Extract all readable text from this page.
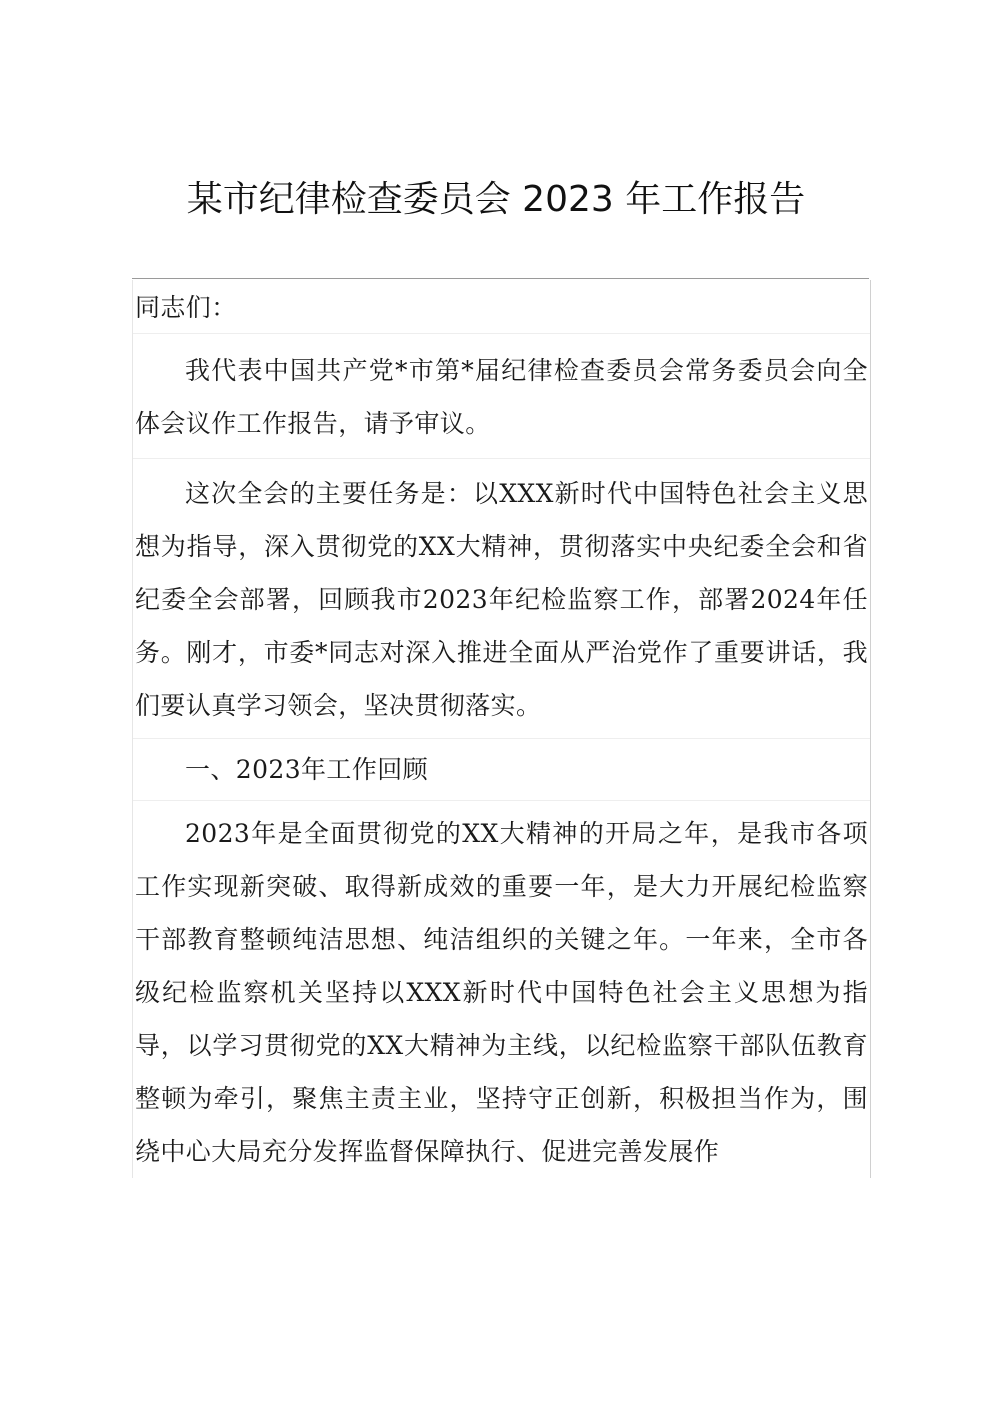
某市纪律检查委员会 2023 年工作报告
同志们：
我代表中国共产党*市第*届纪律检查委员会常务委员会向全体会议作工作报告，请予审议。
这次全会的主要任务是：以XXX新时代中国特色社会主义思想为指导，深入贯彻党的XX大精神，贯彻落实中央纪委全会和省纪委全会部署，回顾我市2023年纪检监察工作，部署2024年任务。刚才，市委*同志对深入推进全面从严治党作了重要讲话，我们要认真学习领会，坚决贯彻落实。
一、2023年工作回顾
2023年是全面贯彻党的XX大精神的开局之年，是我市各项工作实现新突破、取得新成效的重要一年，是大力开展纪检监察干部教育整顿纯洁思想、纯洁组织的关键之年。一年来，全市各级纪检监察机关坚持以XXX新时代中国特色社会主义思想为指导，以学习贯彻党的XX大精神为主线，以纪检监察干部队伍教育整顿为牵引，聚焦主责主业，坚持守正创新，积极担当作为，围绕中心大局充分发挥监督保障执行、促进完善发展作
